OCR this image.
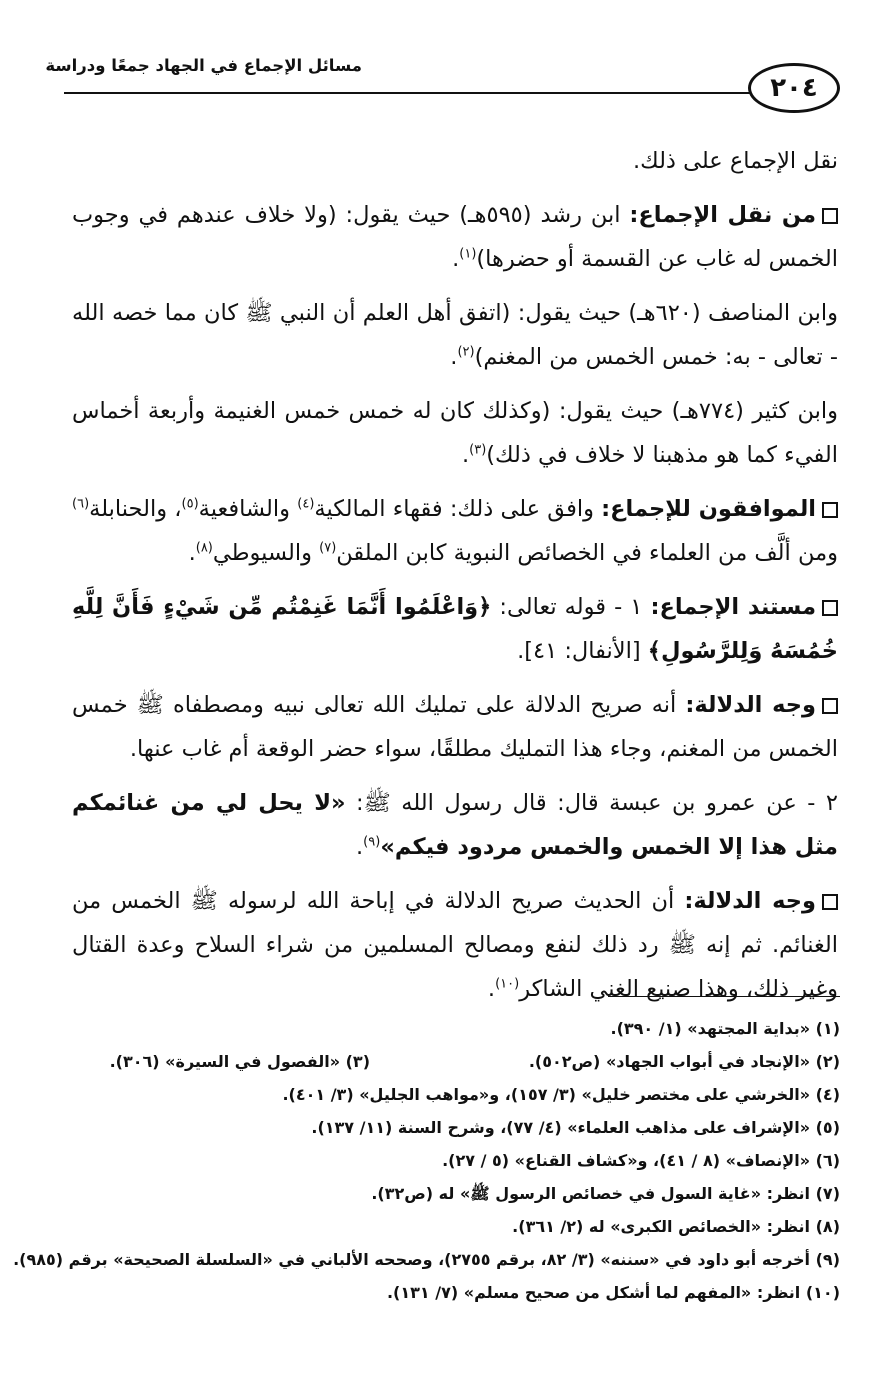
مسائل الإجماع في الجهاد جمعًا ودراسة
٢٠٤

نقل الإجماع على ذلك.

من نقل الإجماع: ابن رشد (٥٩٥هـ) حيث يقول: (ولا خلاف عندهم في وجوب الخمس له غاب عن القسمة أو حضرها)$^{(١)}$.

وابن المناصف (٦٢٠هـ) حيث يقول: (اتفق أهل العلم أن النبي ﷺ كان مما خصه الله - تعالى - به: خمس الخمس من المغنم)$^{(٢)}$.

وابن كثير (٧٧٤هـ) حيث يقول: (وكذلك كان له خمس خمس الغنيمة وأربعة أخماس الفيء كما هو مذهبنا لا خلاف في ذلك)$^{(٣)}$.

الموافقون للإجماع: وافق على ذلك: فقهاء المالكية$^{(٤)}$ والشافعية$^{(٥)}$، والحنابلة$^{(٦)}$ ومن ألَّف من العلماء في الخصائص النبوية كابن الملقن$^{(٧)}$ والسيوطي$^{(٨)}$.

مستند الإجماع: ١ - قوله تعالى: ﴿وَاعْلَمُوا أَنَّمَا غَنِمْتُم مِّن شَيْءٍ فَأَنَّ لِلَّهِ خُمُسَهُ وَلِلرَّسُولِ﴾ [الأنفال: ٤١].

وجه الدلالة: أنه صريح الدلالة على تمليك الله تعالى نبيه ومصطفاه ﷺ خمس الخمس من المغنم، وجاء هذا التمليك مطلقًا، سواء حضر الوقعة أم غاب عنها.

٢ - عن عمرو بن عبسة قال: قال رسول الله ﷺ: «لا يحل لي من غنائمكم مثل هذا إلا الخمس والخمس مردود فيكم»$^{(٩)}$.

وجه الدلالة: أن الحديث صريح الدلالة في إباحة الله لرسوله ﷺ الخمس من الغنائم. ثم إنه ﷺ رد ذلك لنفع ومصالح المسلمين من شراء السلاح وعدة القتال وغير ذلك، وهذا صنيع الغني الشاكر$^{(١٠)}$.

(١) «بداية المجتهد» (١/ ٣٩٠).
(٢) «الإنجاد في أبواب الجهاد» (ص٥٠٢).
(٣) «الفصول في السيرة» (٣٠٦).
(٤) «الخرشي على مختصر خليل» (٣/ ١٥٧)، و«مواهب الجليل» (٣/ ٤٠١).
(٥) «الإشراف على مذاهب العلماء» (٤/ ٧٧)، وشرح السنة (١١/ ١٣٧).
(٦) «الإنصاف» (٨ / ٤١)، و«كشاف القناع» (٥ / ٢٧).
(٧) انظر: «غاية السول في خصائص الرسول ﷺ» له (ص٣٢).
(٨) انظر: «الخصائص الكبرى» له (٢/ ٣٦١).
(٩) أخرجه أبو داود في «سننه» (٣/ ٨٢، برقم ٢٧٥٥)، وصححه الألباني في «السلسلة الصحيحة» برقم (٩٨٥).
(١٠) انظر: «المفهم لما أشكل من صحيح مسلم» (٧/ ١٣١).
